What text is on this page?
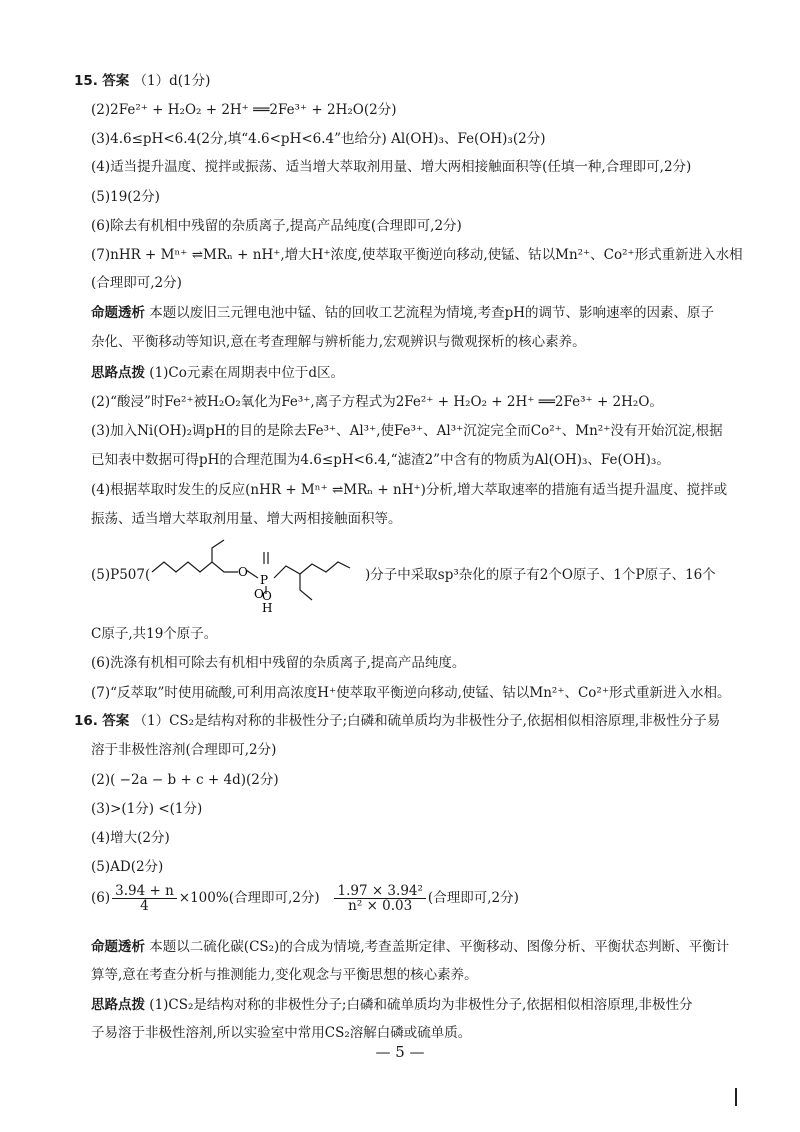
15. 答案 （1）d(1分)
(2)2Fe²⁺ + H₂O₂ + 2H⁺ ══2Fe³⁺ + 2H₂O(2分)
(3)4.6≤pH<6.4(2分,填“4.6<pH<6.4”也给分) Al(OH)₃、Fe(OH)₃(2分)
(4)适当提升温度、搅拌或振荡、适当增大萃取剂用量、增大两相接触面积等(任填一种,合理即可,2分)
(5)19(2分)
(6)除去有机相中残留的杂质离子,提高产品纯度(合理即可,2分)
(7)nHR + Mⁿ⁺ ⇌MRₙ + nH⁺,增大H⁺浓度,使萃取平衡逆向移动,使锰、钴以Mn²⁺、Co²⁺形式重新进入水相
(合理即可,2分)
命题透析 本题以废旧三元锂电池中锰、钴的回收工艺流程为情境,考查pH的调节、影响速率的因素、原子
杂化、平衡移动等知识,意在考查理解与辨析能力,宏观辨识与微观探析的核心素养。
思路点拨 (1)Co元素在周期表中位于d区。
(2)“酸浸”时Fe²⁺被H₂O₂氧化为Fe³⁺,离子方程式为2Fe²⁺ + H₂O₂ + 2H⁺ ══2Fe³⁺ + 2H₂O。
(3)加入Ni(OH)₂调pH的目的是除去Fe³⁺、Al³⁺,使Fe³⁺、Al³⁺沉淀完全而Co²⁺、Mn²⁺没有开始沉淀,根据
已知表中数据可得pH的合理范围为4.6≤pH<6.4,“滤渣2”中含有的物质为Al(OH)₃、Fe(OH)₃。
(4)根据萃取时发生的反应(nHR + Mⁿ⁺ ⇌MRₙ + nH⁺)分析,增大萃取速率的措施有适当提升温度、搅拌或
振荡、适当增大萃取剂用量、增大两相接触面积等。
(5)P507(	O
P
O
O
H
)分子中采取sp³杂化的原子有2个O原子、1个P原子、16个
C原子,共19个原子。
(6)洗涤有机相可除去有机相中残留的杂质离子,提高产品纯度。
(7)“反萃取”时使用硫酸,可利用高浓度H⁺使萃取平衡逆向移动,使锰、钴以Mn²⁺、Co²⁺形式重新进入水相。
16. 答案 （1）CS₂是结构对称的非极性分子;白磷和硫单质均为非极性分子,依据相似相溶原理,非极性分子易
溶于非极性溶剂(合理即可,2分)
(2)( −2a − b + c + 4d)(2分)
(3)>(1分) <(1分)
(4)增大(2分)
(5)AD(2分)
$(6) \frac{3.94 + n}{4} \times 100\%$(合理即可,2分) $\frac{\text{1.97 × 3.94²}}{\text{n² × 0.03}}$ (合理即可,2分)
命题透析 本题以二硫化碳(CS₂)的合成为情境,考查盖斯定律、平衡移动、图像分析、平衡状态判断、平衡计
算等,意在考查分析与推测能力,变化观念与平衡思想的核心素养。
思路点拨 (1)CS₂是结构对称的非极性分子;白磷和硫单质均为非极性分子,依据相似相溶原理,非极性分
子易溶于非极性溶剂,所以实验室中常用CS₂溶解白磷或硫单质。
— 5 —
